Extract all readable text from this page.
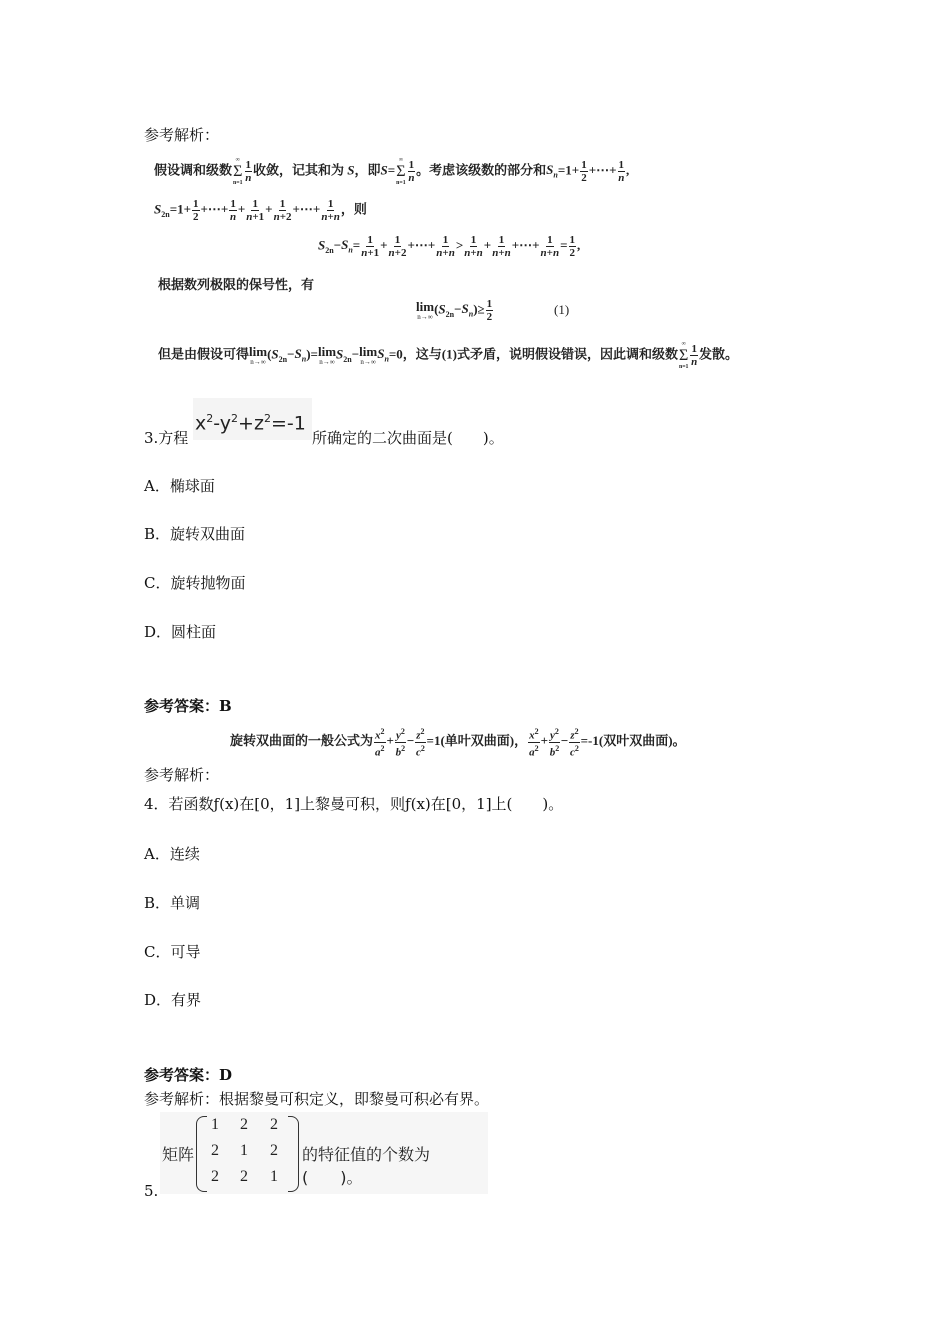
参考解析：
假设调和级数
∞
Σ
$n=1 \frac{1}{n}$ 收敛，记其和为 S，即S=
∞
Σ
$n=1 \frac{1}{n}$ 。考虑该级数的部分和$S_n=1+ \frac{1}{2}$ +⋯+ $\frac{1}{n}$ ,
$S_{2n}=1+ \frac{1}{2}$ +⋯+ $\frac{1}{n} + \frac{1}{n+1} + \frac{1}{n+2}$ +⋯+ $\frac{1}{n+n}$ ，则
$S_{2n}-S_n= \frac{1}{n+1} + \frac{1}{n+2}$ +⋯+ $\frac{1}{n+n} > \frac{1}{n+n} + \frac{1}{n+n}$ +⋯+ $\frac{1}{n+n} = \frac{1}{2}$ ,
根据数列极限的保号性，有
lim
n→∞
$(S_{2n}-S_n)\ge \frac{1}{2}$	(1)
但是由假设可得lim
n→∞
$(S_{2n}-S_n)=\lim$
n→∞
$S_{2n}-\lim$
n→∞
$S_n=0$，这与(1)式矛盾，说明假设错误，因此调和级数
∞
Σ
$n=1 \frac{1}{n}$ 发散。
3.方程
$x^2-y^2+z^2=-1$
所确定的二次曲面是(　　)。
A．椭球面
B．旋转双曲面
C．旋转抛物面
D．圆柱面
参考答案：B
旋转双曲面的一般公式为 $\frac{x^2}{a^2} + \frac{y^2}{b^2} - \frac{z^2}{c^2} =1$(单叶双曲面)， $\frac{x^2}{a^2} + \frac{y^2}{b^2} - \frac{z^2}{c^2} =-1$(双叶双曲面)。
参考解析：
4．若函数ƒ(x)在[0，1]上黎曼可积，则ƒ(x)在[0，1]上(　　)。
A．连续
B．单调
C．可导
D．有界
参考答案：D
参考解析：根据黎曼可积定义，即黎曼可积必有界。
5.
矩阵
1 2 2
2 1 2
2 2 1
的特征值的个数为(　　)。
